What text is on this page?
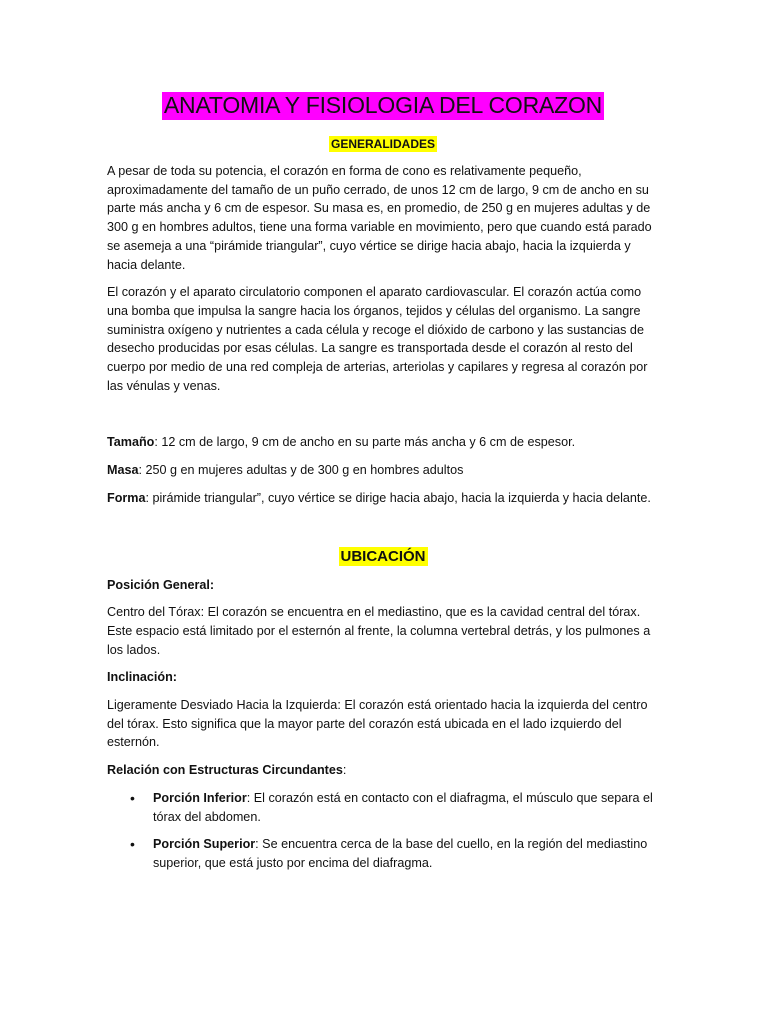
ANATOMIA Y FISIOLOGIA DEL CORAZON
GENERALIDADES

A pesar de toda su potencia, el corazón en forma de cono es relativamente pequeño, aproximadamente del tamaño de un puño cerrado, de unos 12 cm de largo, 9 cm de ancho en su parte más ancha y 6 cm de espesor. Su masa es, en promedio, de 250 g en mujeres adultas y de 300 g en hombres adultos, tiene una forma variable en movimiento, pero que cuando está parado se asemeja a una “pirámide triangular”, cuyo vértice se dirige hacia abajo, hacia la izquierda y hacia delante.

El corazón y el aparato circulatorio componen el aparato cardiovascular. El corazón actúa como una bomba que impulsa la sangre hacia los órganos, tejidos y células del organismo. La sangre suministra oxígeno y nutrientes a cada célula y recoge el dióxido de carbono y las sustancias de desecho producidas por esas células. La sangre es transportada desde el corazón al resto del cuerpo por medio de una red compleja de arterias, arteriolas y capilares y regresa al corazón por las vénulas y venas.

Tamaño: 12 cm de largo, 9 cm de ancho en su parte más ancha y 6 cm de espesor.

Masa: 250 g en mujeres adultas y de 300 g en hombres adultos

Forma: pirámide triangular”, cuyo vértice se dirige hacia abajo, hacia la izquierda y hacia delante.

UBICACIÓN

Posición General:

Centro del Tórax: El corazón se encuentra en el mediastino, que es la cavidad central del tórax. Este espacio está limitado por el esternón al frente, la columna vertebral detrás, y los pulmones a los lados.

Inclinación:

Ligeramente Desviado Hacia la Izquierda: El corazón está orientado hacia la izquierda del centro del tórax. Esto significa que la mayor parte del corazón está ubicada en el lado izquierdo del esternón.

Relación con Estructuras Circundantes:

• Porción Inferior: El corazón está en contacto con el diafragma, el músculo que separa el tórax del abdomen.
• Porción Superior: Se encuentra cerca de la base del cuello, en la región del mediastino superior, que está justo por encima del diafragma.
